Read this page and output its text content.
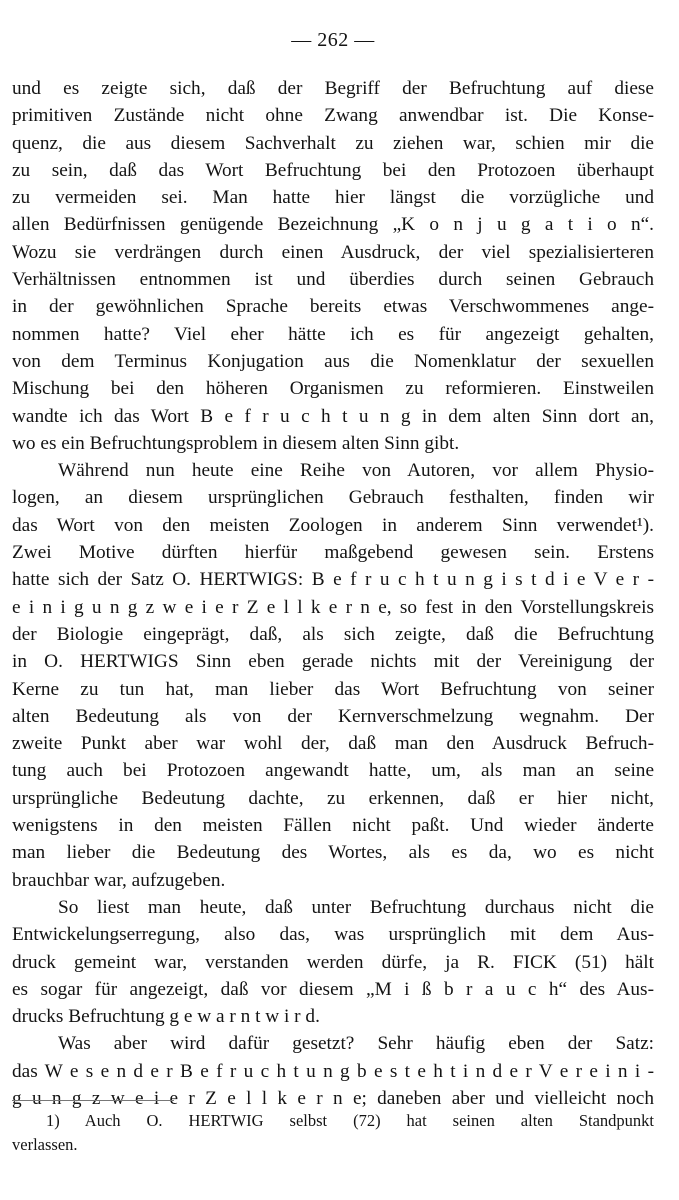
— 262 —
und es zeigte sich, daß der Begriff der Befruchtung auf diese
primitiven Zustände nicht ohne Zwang anwendbar ist. Die Konse-
quenz, die aus diesem Sachverhalt zu ziehen war, schien mir die
zu sein, daß das Wort Befruchtung bei den Protozoen überhaupt
zu vermeiden sei. Man hatte hier längst die vorzügliche und
allen Bedürfnissen genügende Bezeichnung „K o n j u g a t i o n“.
Wozu sie verdrängen durch einen Ausdruck, der viel spezialisierteren
Verhältnissen entnommen ist und überdies durch seinen Gebrauch
in der gewöhnlichen Sprache bereits etwas Verschwommenes ange-
nommen hatte? Viel eher hätte ich es für angezeigt gehalten,
von dem Terminus Konjugation aus die Nomenklatur der sexuellen
Mischung bei den höheren Organismen zu reformieren. Einstweilen
wandte ich das Wort B e f r u c h t u n g in dem alten Sinn dort an,
wo es ein Befruchtungsproblem in diesem alten Sinn gibt.
Während nun heute eine Reihe von Autoren, vor allem Physio-
logen, an diesem ursprünglichen Gebrauch festhalten, finden wir
das Wort von den meisten Zoologen in anderem Sinn verwendet¹).
Zwei Motive dürften hierfür maßgebend gewesen sein. Erstens
hatte sich der Satz O. HERTWIGS: B e f r u c h t u n g i s t d i e V e r -
e i n i g u n g z w e i e r Z e l l k e r n e, so fest in den Vorstellungskreis
der Biologie eingeprägt, daß, als sich zeigte, daß die Befruchtung
in O. HERTWIGS Sinn eben gerade nichts mit der Vereinigung der
Kerne zu tun hat, man lieber das Wort Befruchtung von seiner
alten Bedeutung als von der Kernverschmelzung wegnahm. Der
zweite Punkt aber war wohl der, daß man den Ausdruck Befruch-
tung auch bei Protozoen angewandt hatte, um, als man an seine
ursprüngliche Bedeutung dachte, zu erkennen, daß er hier nicht,
wenigstens in den meisten Fällen nicht paßt. Und wieder änderte
man lieber die Bedeutung des Wortes, als es da, wo es nicht
brauchbar war, aufzugeben.
So liest man heute, daß unter Befruchtung durchaus nicht die
Entwickelungserregung, also das, was ursprünglich mit dem Aus-
druck gemeint war, verstanden werden dürfe, ja R. FICK (51) hält
es sogar für angezeigt, daß vor diesem „M i ß b r a u c h“ des Aus-
drucks Befruchtung g e w a r n t w i r d.
Was aber wird dafür gesetzt? Sehr häufig eben der Satz:
das W e s e n d e r B e f r u c h t u n g b e s t e h t i n d e r V e r e i n i -
g u n g z w e i e r Z e l l k e r n e; daneben aber und vielleicht noch
1) Auch O. HERTWIG selbst (72) hat seinen alten Standpunkt
verlassen.
